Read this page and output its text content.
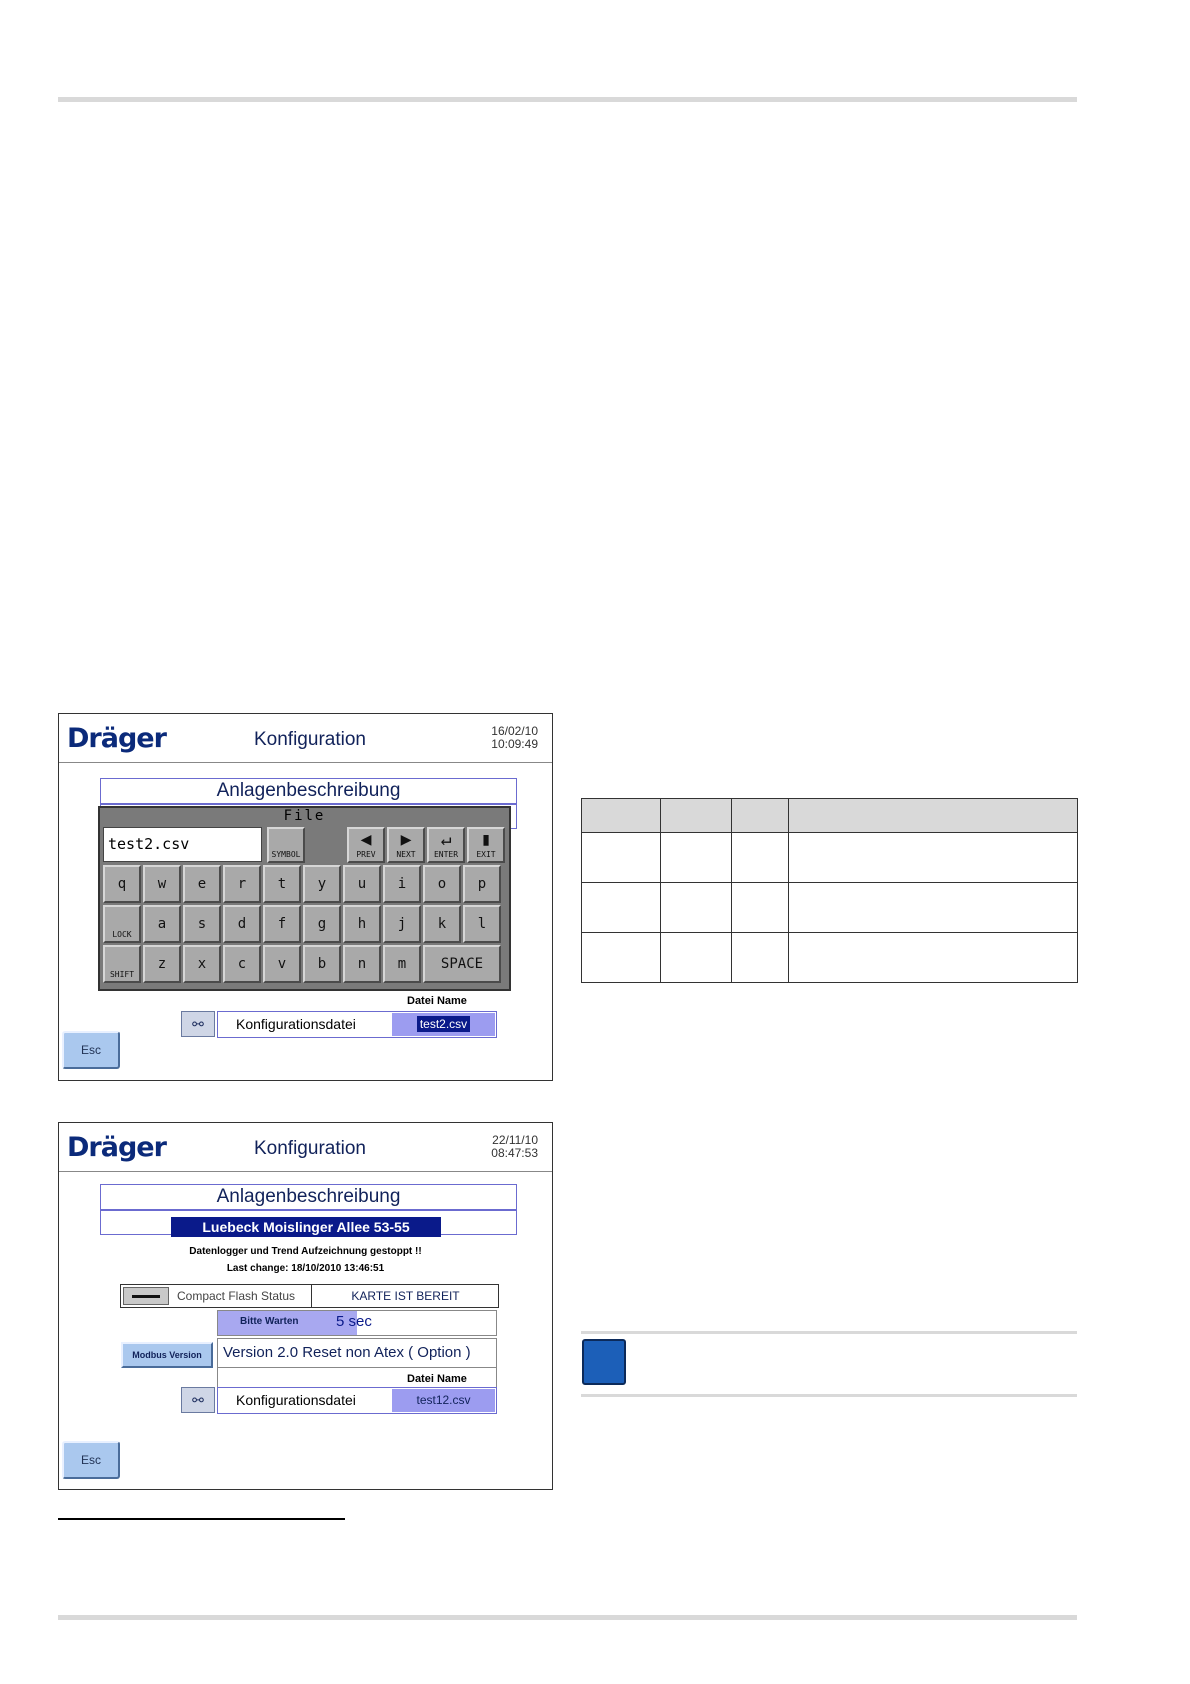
Dräger	Konfiguration	16/02/10
10:09:49
Anlagenbeschreibung
File
test2.csv
SYMBOL
◀
PREV
▶
NEXT
↵
ENTER
▮
EXIT
q	w	e	r	t	y	u	i	o	p
LOCK
a	s	d	f	g	h	j	k	l
SHIFT
z	x	c	v	b	n	m	SPACE
Datei Name
⚯	Konfigurationsdatei	test2.csv
Esc
Dräger	Konfiguration	22/11/10
08:47:53
Anlagenbeschreibung
Luebeck Moislinger Allee 53-55
Datenlogger und Trend Aufzeichnung gestoppt !!
Last change: 18/10/2010 13:46:51
Compact Flash Status	KARTE IST BEREIT
Bitte Warten 5 sec
Modbus Version	Version 2.0 Reset non Atex ( Option )
Datei Name
⚯	Konfigurationsdatei	test12.csv
Esc
